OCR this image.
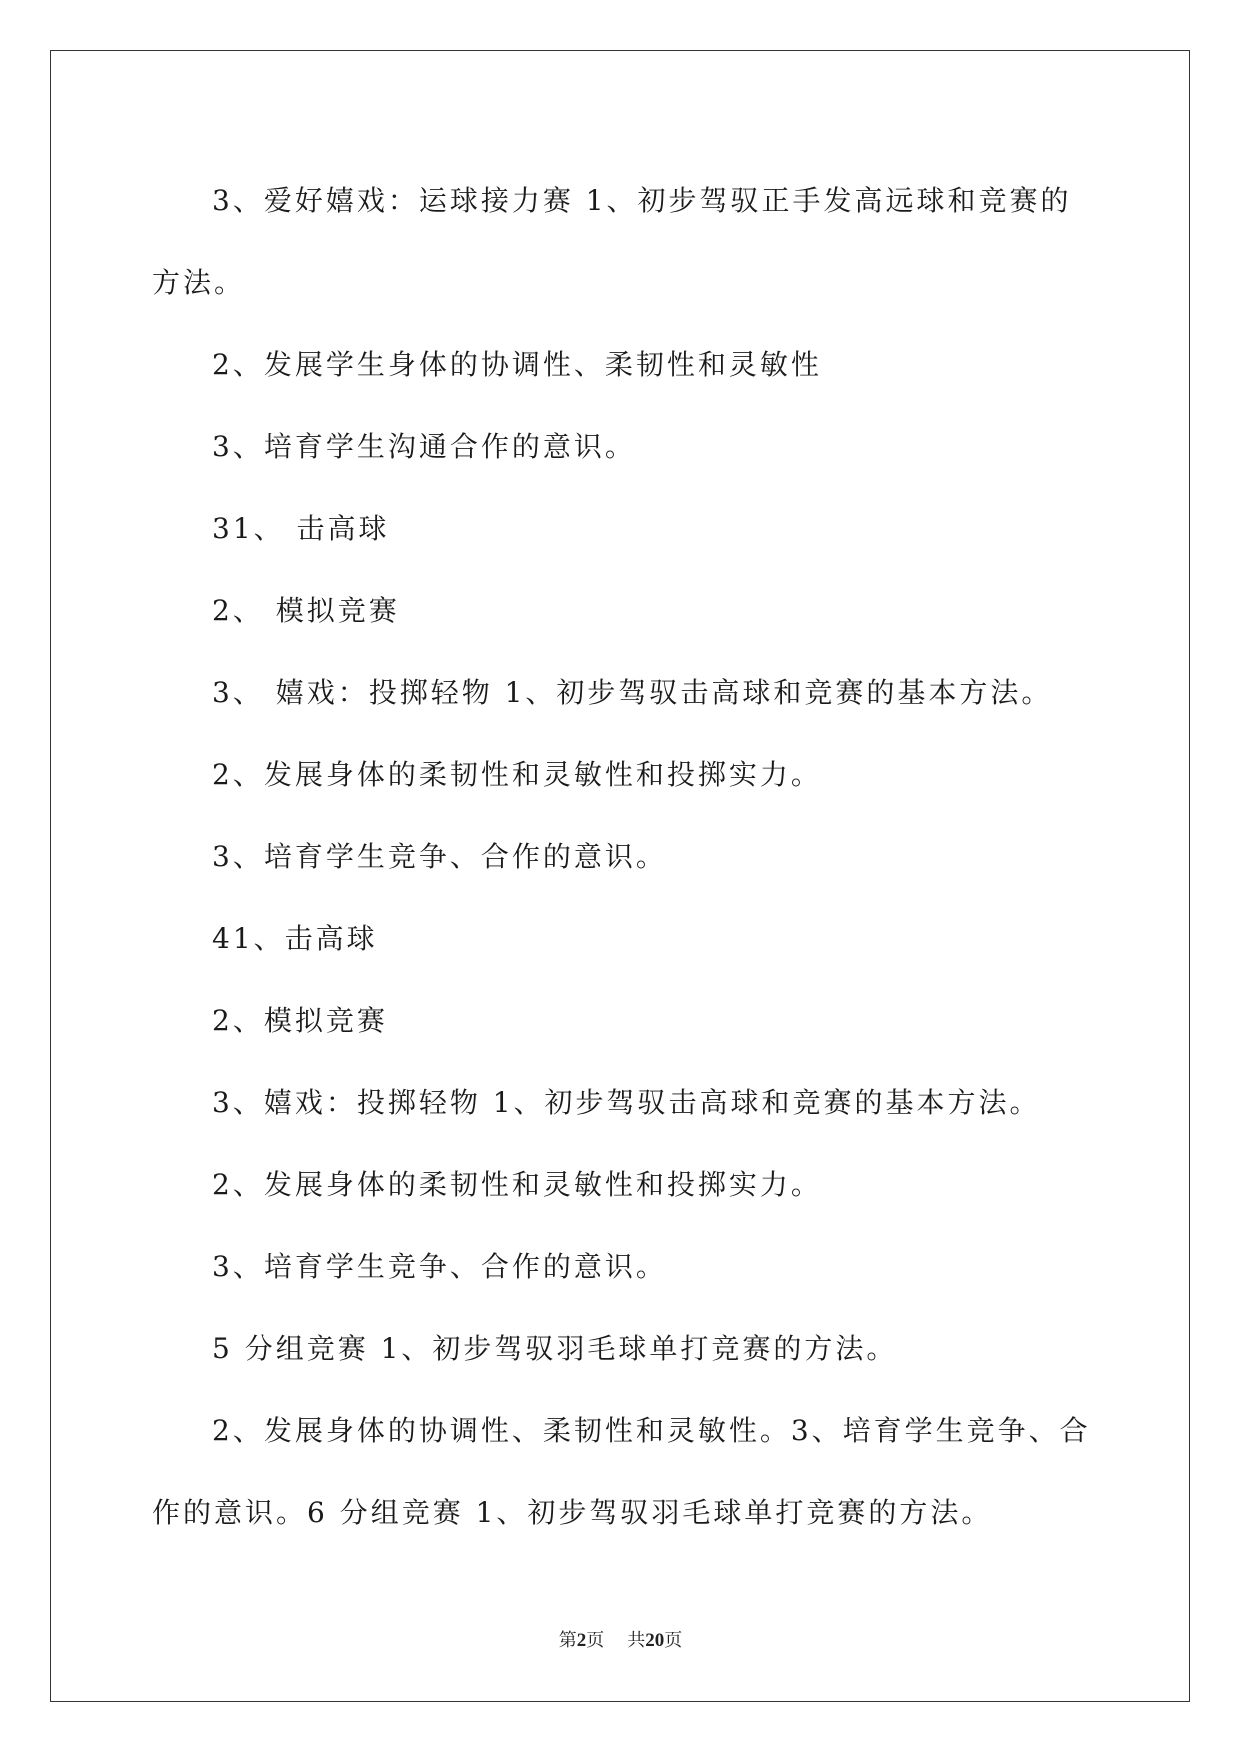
3、爱好嬉戏：运球接力赛 1、初步驾驭正手发高远球和竞赛的方法。

2、发展学生身体的协调性、柔韧性和灵敏性

3、培育学生沟通合作的意识。

31、 击高球

2、 模拟竞赛

3、 嬉戏：投掷轻物 1、初步驾驭击高球和竞赛的基本方法。

2、发展身体的柔韧性和灵敏性和投掷实力。

3、培育学生竞争、合作的意识。

41、击高球

2、模拟竞赛

3、嬉戏：投掷轻物 1、初步驾驭击高球和竞赛的基本方法。

2、发展身体的柔韧性和灵敏性和投掷实力。

3、培育学生竞争、合作的意识。

5 分组竞赛 1、初步驾驭羽毛球单打竞赛的方法。

2、发展身体的协调性、柔韧性和灵敏性。3、培育学生竞争、合作的意识。6 分组竞赛 1、初步驾驭羽毛球单打竞赛的方法。

第2页 共20页
